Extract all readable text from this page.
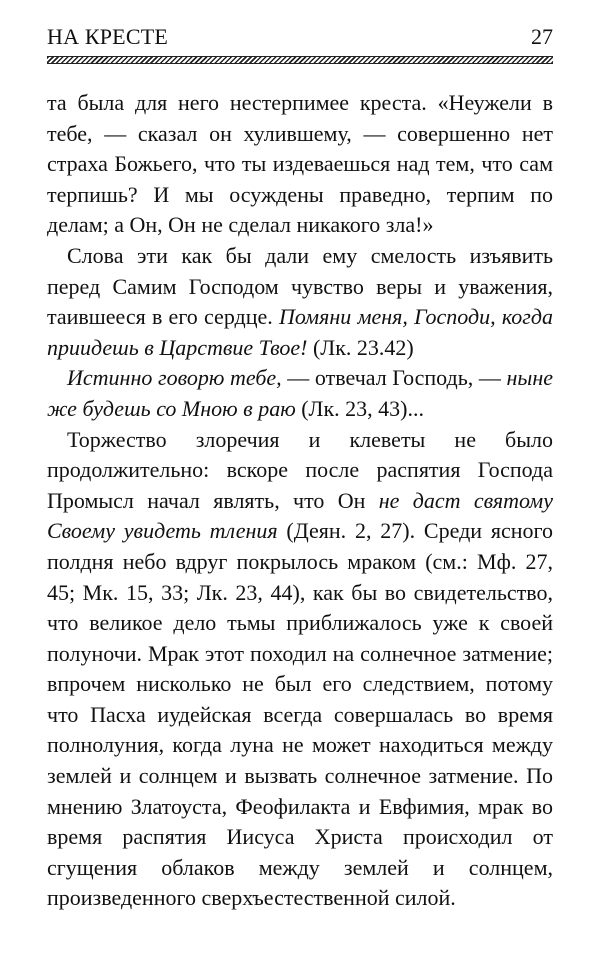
НА КРЕСТЕ	27

та была для него нестерпимее креста. «Неужели в тебе, — сказал он хулившему, — совершенно нет страха Божьего, что ты издеваешься над тем, что сам терпишь? И мы осуждены праведно, терпим по делам; а Он, Он не сделал никакого зла!»

Слова эти как бы дали ему смелость изъявить перед Самим Господом чувство веры и уважения, таившееся в его сердце. Помяни меня, Господи, когда приидешь в Царствие Твое! (Лк. 23.42)

Истинно говорю тебе, — отвечал Господь, — ныне же будешь со Мною в раю (Лк. 23, 43)...

Торжество злоречия и клеветы не было продолжительно: вскоре после распятия Господа Промысл начал являть, что Он не даст святому Своему увидеть тления (Деян. 2, 27). Среди ясного полдня небо вдруг покрылось мраком (см.: Мф. 27, 45; Мк. 15, 33; Лк. 23, 44), как бы во свидетельство, что великое дело тьмы приближалось уже к своей полуночи. Мрак этот походил на солнечное затмение; впрочем нисколько не был его следствием, потому что Пасха иудейская всегда совершалась во время полнолуния, когда луна не может находиться между землей и солнцем и вызвать солнечное затмение. По мнению Златоуста, Феофилакта и Евфимия, мрак во время распятия Иисуса Христа происходил от сгущения облаков между землей и солнцем, произведенного сверхъестественной силой.
